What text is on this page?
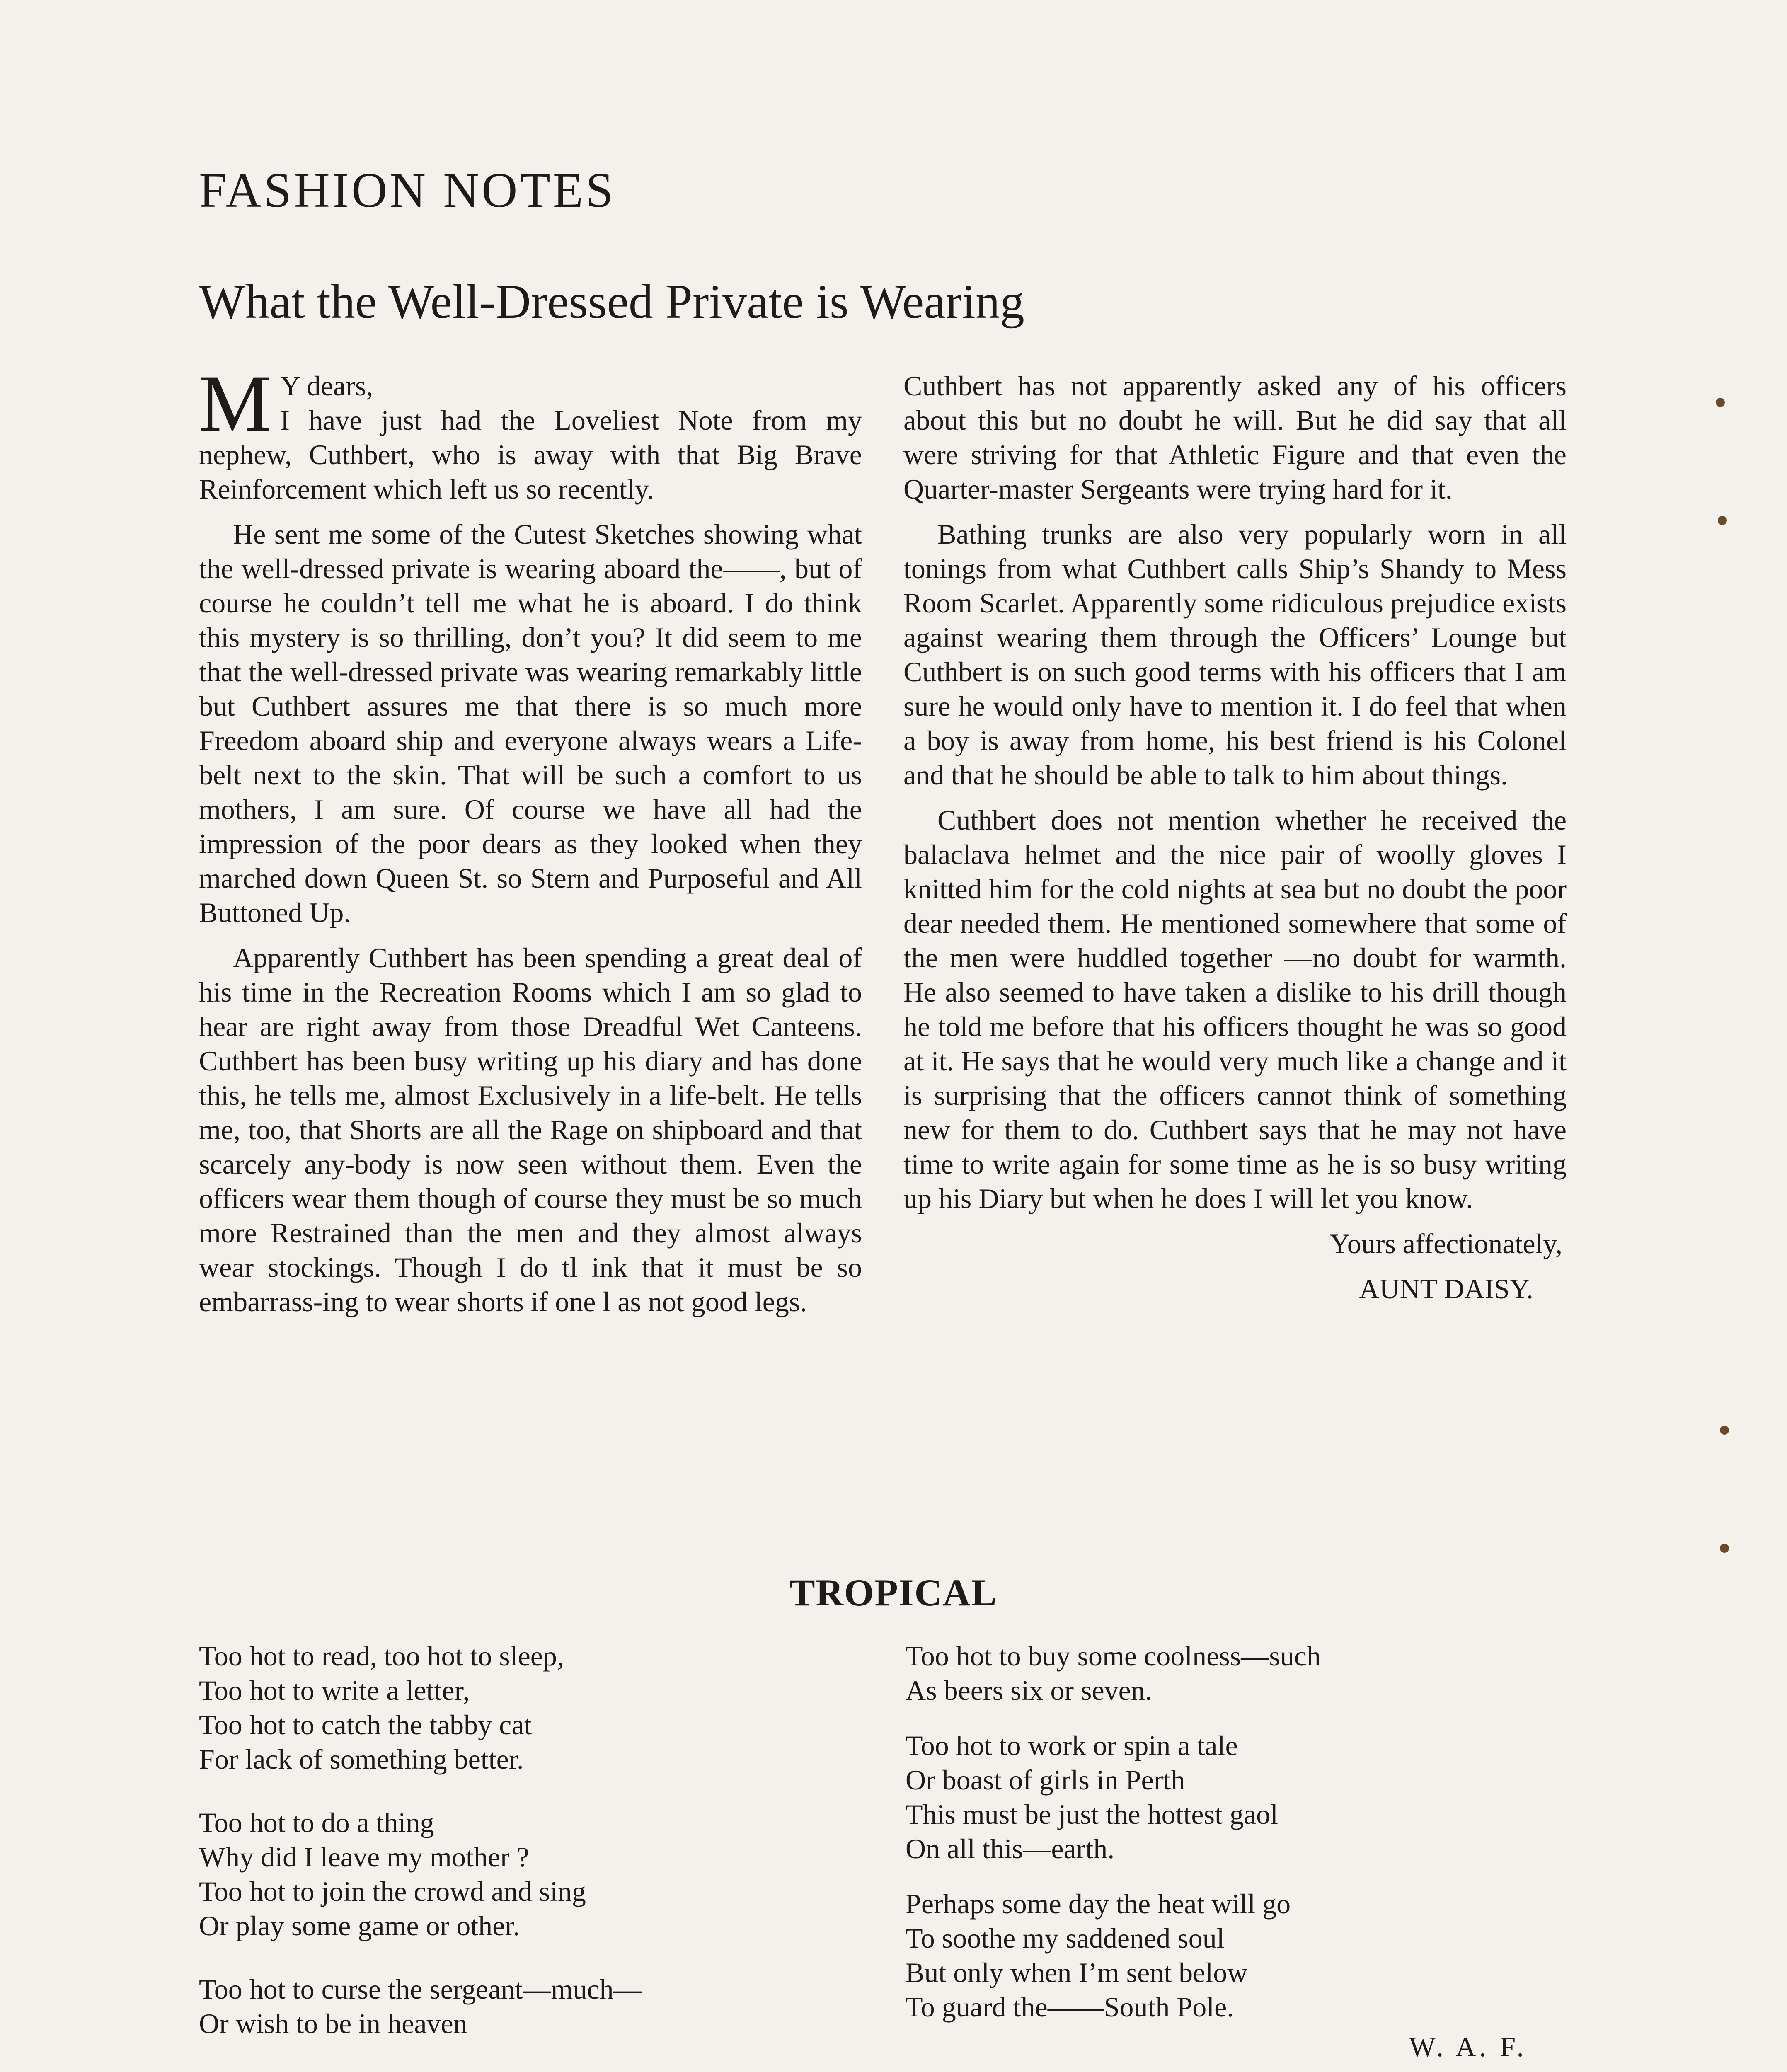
FASHION NOTES
What the Well-Dressed Private is Wearing

M Y dears,
I have just had the Loveliest Note from my nephew, Cuthbert, who is away with that Big Brave Reinforcement which left us so recently.

He sent me some of the Cutest Sketches showing what the well-dressed private is wearing aboard the——, but of course he couldn’t tell me what he is aboard. I do think this mystery is so thrilling, don’t you? It did seem to me that the well-dressed private was wearing remarkably little but Cuthbert assures me that there is so much more Freedom aboard ship and everyone always wears a Life-belt next to the skin. That will be such a comfort to us mothers, I am sure. Of course we have all had the impression of the poor dears as they looked when they marched down Queen St. so Stern and Purposeful and All Buttoned Up.

Apparently Cuthbert has been spending a great deal of his time in the Recreation Rooms which I am so glad to hear are right away from those Dreadful Wet Canteens. Cuthbert has been busy writing up his diary and has done this, he tells me, almost Exclusively in a life-belt. He tells me, too, that Shorts are all the Rage on shipboard and that scarcely any-body is now seen without them. Even the officers wear them though of course they must be so much more Restrained than the men and they almost always wear stockings. Though I do tl ink that it must be so embarrass-ing to wear shorts if one l as not good legs.

Cuthbert has not apparently asked any of his officers about this but no doubt he will. But he did say that all were striving for that Athletic Figure and that even the Quarter-master Sergeants were trying hard for it.

Bathing trunks are also very popularly worn in all tonings from what Cuthbert calls Ship’s Shandy to Mess Room Scarlet. Apparently some ridiculous prejudice exists against wearing them through the Officers’ Lounge but Cuthbert is on such good terms with his officers that I am sure he would only have to mention it. I do feel that when a boy is away from home, his best friend is his Colonel and that he should be able to talk to him about things.

Cuthbert does not mention whether he received the balaclava helmet and the nice pair of woolly gloves I knitted him for the cold nights at sea but no doubt the poor dear needed them. He mentioned somewhere that some of the men were huddled together —no doubt for warmth. He also seemed to have taken a dislike to his drill though he told me before that his officers thought he was so good at it. He says that he would very much like a change and it is surprising that the officers cannot think of something new for them to do. Cuthbert says that he may not have time to write again for some time as he is so busy writing up his Diary but when he does I will let you know.

Yours affectionately,

AUNT DAISY.

TROPICAL
Too hot to read, too hot to sleep,
Too hot to write a letter,
Too hot to catch the tabby cat
For lack of something better.
Too hot to do a thing
Why did I leave my mother ?
Too hot to join the crowd and sing
Or play some game or other.
Too hot to curse the sergeant—much—
Or wish to be in heaven
Too hot to buy some coolness—such
As beers six or seven.
Too hot to work or spin a tale
Or boast of girls in Perth
This must be just the hottest gaol
On all this—earth.
Perhaps some day the heat will go
To soothe my saddened soul
But only when I’m sent below
To guard the——South Pole.
W. A. F.
